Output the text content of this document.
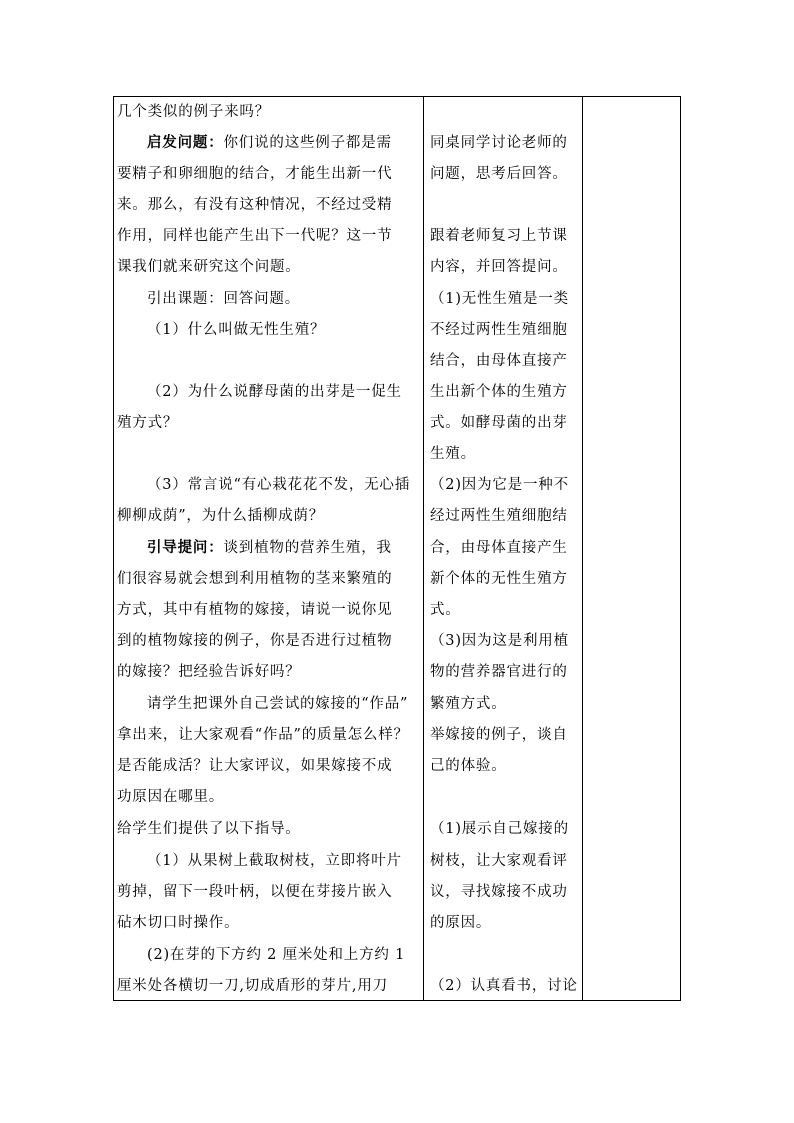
几个类似的例子来吗？
启发问题：你们说的这些例子都是需
要精子和卵细胞的结合，才能生出新一代
来。那么，有没有这种情况，不经过受精
作用，同样也能产生出下一代呢？这一节
课我们就来研究这个问题。
引出课题：回答问题。
（1）什么叫做无性生殖？
（2）为什么说酵母菌的出芽是一促生
殖方式？
（3）常言说“有心栽花花不发，无心插
柳柳成荫”，为什么插柳成荫？
引导提问：谈到植物的营养生殖，我
们很容易就会想到利用植物的茎来繁殖的
方式，其中有植物的嫁接，请说一说你见
到的植物嫁接的例子，你是否进行过植物
的嫁接？把经验告诉好吗？
请学生把课外自己尝试的嫁接的“作品”
拿出来，让大家观看“作品”的质量怎么样？
是否能成活？让大家评议，如果嫁接不成
功原因在哪里。
给学生们提供了以下指导。
（1）从果树上截取树枝，立即将叶片
剪掉，留下一段叶柄，以便在芽接片嵌入
砧木切口时操作。
(2)在芽的下方约 2 厘米处和上方约 1
厘米处各横切一刀,切成盾形的芽片,用刀
同桌同学讨论老师的
问题，思考后回答。
跟着老师复习上节课
内容，并回答提问。
（1)无性生殖是一类
不经过两性生殖细胞
结合，由母体直接产
生出新个体的生殖方
式。如酵母菌的出芽
生殖。
（2)因为它是一种不
经过两性生殖细胞结
合，由母体直接产生
新个体的无性生殖方
式。
（3)因为这是利用植
物的营养器官进行的
繁殖方式。
举嫁接的例子，谈自
己的体验。
（1)展示自己嫁接的
树枝，让大家观看评
议，寻找嫁接不成功
的原因。
（2）认真看书，讨论
